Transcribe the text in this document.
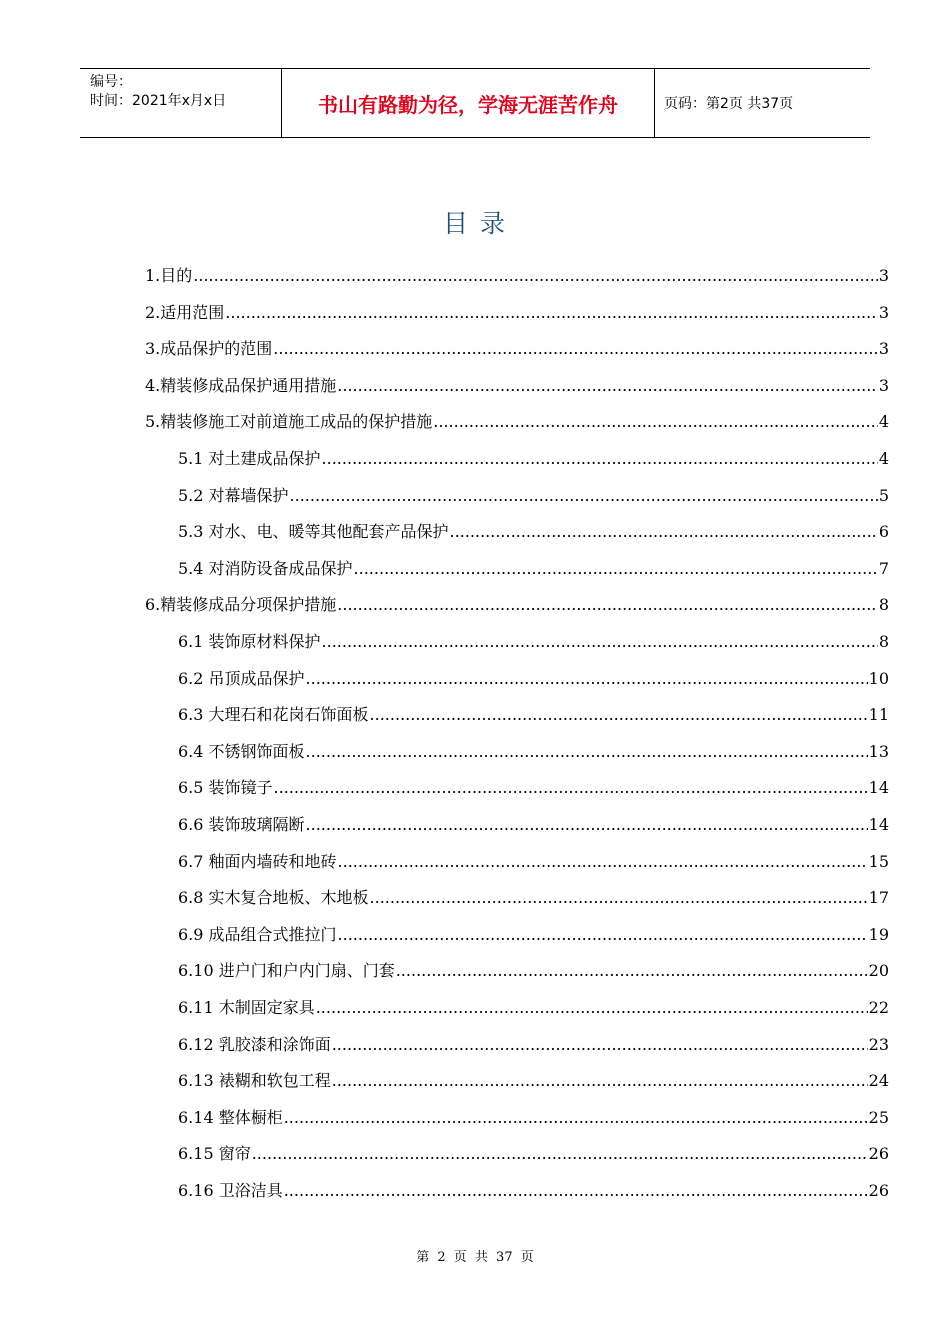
编号：
时间：2021年x月x日	书山有路勤为径，学海无涯苦作舟	页码：第2页 共37页
目 录
1.目的 .....	3
2.适用范围 .....	3
3.成品保护的范围 .....	3
4.精装修成品保护通用措施 .....	3
5.精装修施工对前道施工成品的保护措施 .....	4
5.1 对土建成品保护 .....	4
5.2 对幕墙保护 .....	5
5.3 对水、电、暖等其他配套产品保护 .....	6
5.4 对消防设备成品保护 .....	7
6.精装修成品分项保护措施 .....	8
6.1 装饰原材料保护 .....	8
6.2 吊顶成品保护 .....	10
6.3 大理石和花岗石饰面板 .....	11
6.4 不锈钢饰面板 .....	13
6.5 装饰镜子 .....	14
6.6 装饰玻璃隔断 .....	14
6.7 釉面内墙砖和地砖 .....	15
6.8 实木复合地板、木地板 .....	17
6.9 成品组合式推拉门 .....	19
6.10 进户门和户内门扇、门套 .....	20
6.11 木制固定家具 .....	22
6.12 乳胶漆和涂饰面 .....	23
6.13 裱糊和软包工程 .....	24
6.14 整体橱柜 .....	25
6.15 窗帘 .....	26
6.16 卫浴洁具 .....	26
第 2 页 共 37 页
